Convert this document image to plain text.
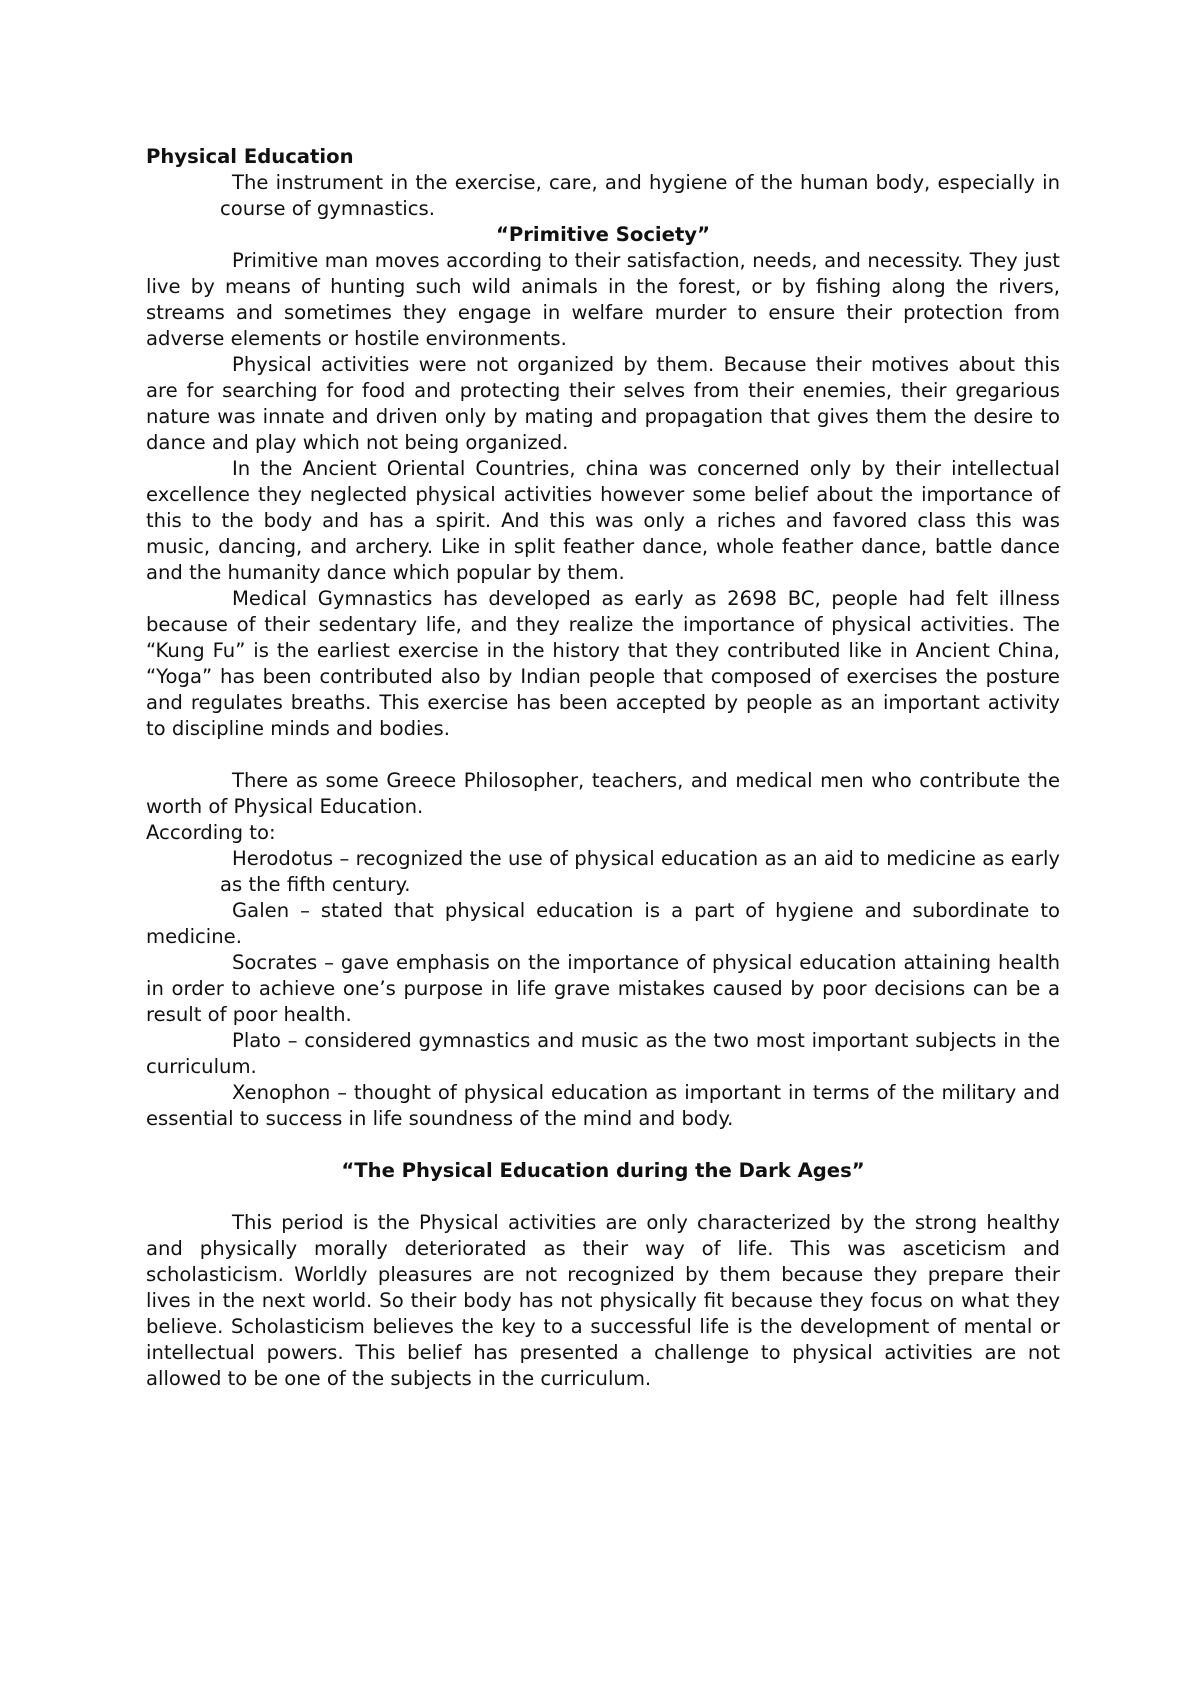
Physical Education

The instrument in the exercise, care, and hygiene of the human body, especially in course of gymnastics.

“Primitive Society”

Primitive man moves according to their satisfaction, needs, and necessity. They just live by means of hunting such wild animals in the forest, or by fishing along the rivers, streams and sometimes they engage in welfare murder to ensure their protection from adverse elements or hostile environments.

Physical activities were not organized by them. Because their motives about this are for searching for food and protecting their selves from their enemies, their gregarious nature was innate and driven only by mating and propagation that gives them the desire to dance and play which not being organized.

In the Ancient Oriental Countries, china was concerned only by their intellectual excellence they neglected physical activities however some belief about the importance of this to the body and has a spirit. And this was only a riches and favored class this was music, dancing, and archery. Like in split feather dance, whole feather dance, battle dance and the humanity dance which popular by them.

Medical Gymnastics has developed as early as 2698 BC, people had felt illness because of their sedentary life, and they realize the importance of physical activities. The “Kung Fu” is the earliest exercise in the history that they contributed like in Ancient China, “Yoga” has been contributed also by Indian people that composed of exercises the posture and regulates breaths. This exercise has been accepted by people as an important activity to discipline minds and bodies.

There as some Greece Philosopher, teachers, and medical men who contribute the worth of Physical Education.

According to:

Herodotus – recognized the use of physical education as an aid to medicine as early as the fifth century.

Galen – stated that physical education is a part of hygiene and subordinate to medicine.

Socrates – gave emphasis on the importance of physical education attaining health in order to achieve one’s purpose in life grave mistakes caused by poor decisions can be a result of poor health.

Plato – considered gymnastics and music as the two most important subjects in the curriculum.

Xenophon – thought of physical education as important in terms of the military and essential to success in life soundness of the mind and body.

“The Physical Education during the Dark Ages”

This period is the Physical activities are only characterized by the strong healthy and physically morally deteriorated as their way of life. This was asceticism and scholasticism. Worldly pleasures are not recognized by them because they prepare their lives in the next world. So their body has not physically fit because they focus on what they believe. Scholasticism believes the key to a successful life is the development of mental or intellectual powers. This belief has presented a challenge to physical activities are not allowed to be one of the subjects in the curriculum.
